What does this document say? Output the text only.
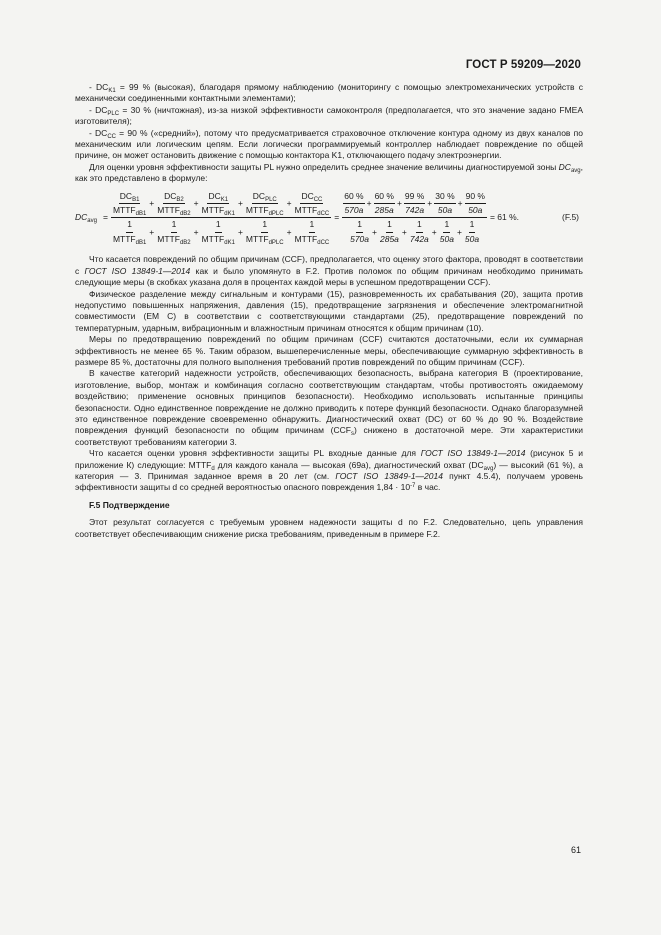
ГОСТ Р 59209—2020

- $DC_{K1} = 99$ % (высокая), благодаря прямому наблюдению (мониторингу с помощью электромеханических устройств с механически соединенными контактными элементами);

- $DC_{PLC} = 30$ % (ничтожная), из-за низкой эффективности самоконтроля (предполагается, что это значение задано FMEA изготовителя);

- $DC_{CC} = 90$ % («средний»), потому что предусматривается страховочное отключение контура одному из двух каналов по механическим или логическим цепям. Если логически программируемый контроллер наблюдает повреждение по общей причине, он может остановить движение с помощью контактора K1, отключающего подачу электроэнергии.

Для оценки уровня эффективности защиты PL нужно определить среднее значение величины диагностируемой зоны $DC_{avg}$, как это представлено в формуле:

$DC_{avg}$ =
$\frac{DC_{B1}}{MTTF_{dB1}} + \frac{DC_{B2}}{MTTF_{dB2}} + \frac{DC_{K1}}{MTTF_{dK1}} + \frac{DC_{PLC}}{MTTF_{dPLC}} + \frac{DC_{CC}}{MTTF_{dCC}}$
$\frac{1}{MTTF_{dB1}} + \frac{1}{MTTF_{dB2}} + \frac{1}{MTTF_{dK1}} + \frac{1}{MTTF_{dPLC}} + \frac{1}{MTTF_{dCC}}$
=
$\frac{60 \%}{570a} + \frac{60 \%}{285a} + \frac{99 \%}{742a} + \frac{30 \%}{50a} + \frac{90 \%}{50a}$
$\frac{1}{570a} + \frac{1}{285a} + \frac{1}{742a} + \frac{1}{50a} + \frac{1}{50a}$
= 61 %.	(F.5)

Что касается повреждений по общим причинам (CCF), предполагается, что оценку этого фактора, проводят в соответствии с ГОСТ ISO 13849-1—2014 как и было упомянуто в F.2. Против поломок по общим причинам необходимо принимать следующие меры (в скобках указана доля в процентах каждой меры в успешном предотвращении CCF).

Физическое разделение между сигнальным и контурами (15), разновременность их срабатывания (20), защита против недопустимо повышенных напряжения, давления (15), предотвращение загрязнения и обеспечение электромагнитной совместимости (ЕМ С) в соответствии с соответствующими стандартами (25), предотвращение повреждений по температурным, ударным, вибрационным и влажностным причинам относятся к общим причинам (10).

Меры по предотвращению повреждений по общим причинам (CCF) считаются достаточными, если их суммарная эффективность не менее 65 %. Таким образом, вышеперечисленные меры, обеспечивающие суммарную эффективность в размере 85 %, достаточны для полного выполнения требований против повреждений по общим причинам (CCF).

В качестве категорий надежности устройств, обеспечивающих безопасность, выбрана категория В (проектирование, изготовление, выбор, монтаж и комбинация согласно соответствующим стандартам, чтобы противостоять ожидаемому воздействию; применение основных принципов безопасности). Необходимо использовать испытанные принципы безопасности. Одно единственное повреждение не должно приводить к потере функций безопасности. Однако благоразумней это единственное повреждение своевременно обнаружить. Диагностический охват (DC) от 60 % до 90 %. Воздействие повреждения функций безопасности по общим причинам $(CCF_s)$ снижено в достаточной мере. Эти характеристики соответствуют требованиям категории 3.

Что касается оценки уровня эффективности защиты PL входные данные для ГОСТ ISO 13849-1—2014 (рисунок 5 и приложение К) следующие: $MTTF_d$ для каждого канала — высокая (69а), диагностический охват $(DC_{avg})$ — высокий (61 %), а категория — 3. Принимая заданное время в 20 лет (см. ГОСТ ISO 13849-1—2014 пункт 4.5.4), получаем уровень эффективности защиты d со средней вероятностью опасного повреждения $1,84 \cdot 10^{-7}$ в час.

F.5 Подтверждение

Этот результат согласуется с требуемым уровнем надежности защиты d по F.2. Следовательно, цепь управления соответствует обеспечивающим снижение риска требованиям, приведенным в примере F.2.

61
